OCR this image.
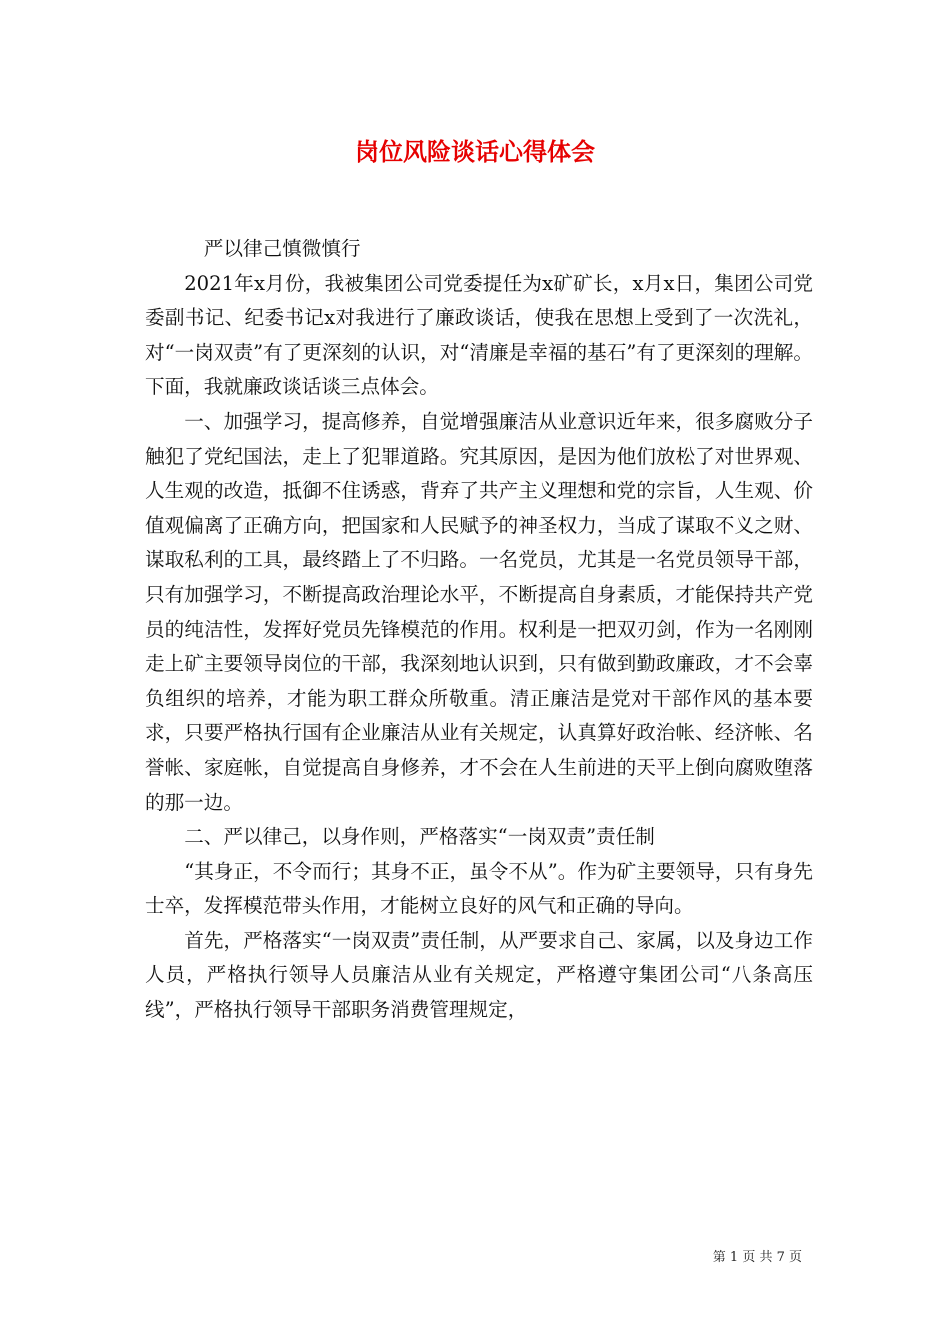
岗位风险谈话心得体会

严以律己慎微慎行

2021年x月份，我被集团公司党委提任为x矿矿长，x月x日，集团公司党委副书记、纪委书记x对我进行了廉政谈话，使我在思想上受到了一次洗礼，对“一岗双责”有了更深刻的认识，对“清廉是幸福的基石”有了更深刻的理解。下面，我就廉政谈话谈三点体会。

一、加强学习，提高修养，自觉增强廉洁从业意识近年来，很多腐败分子触犯了党纪国法，走上了犯罪道路。究其原因，是因为他们放松了对世界观、人生观的改造，抵御不住诱惑，背弃了共产主义理想和党的宗旨，人生观、价值观偏离了正确方向，把国家和人民赋予的神圣权力，当成了谋取不义之财、谋取私利的工具，最终踏上了不归路。一名党员，尤其是一名党员领导干部，只有加强学习，不断提高政治理论水平，不断提高自身素质，才能保持共产党员的纯洁性，发挥好党员先锋模范的作用。权利是一把双刃剑，作为一名刚刚走上矿主要领导岗位的干部，我深刻地认识到，只有做到勤政廉政，才不会辜负组织的培养，才能为职工群众所敬重。清正廉洁是党对干部作风的基本要求，只要严格执行国有企业廉洁从业有关规定，认真算好政治帐、经济帐、名誉帐、家庭帐，自觉提高自身修养，才不会在人生前进的天平上倒向腐败堕落的那一边。

二、严以律己，以身作则，严格落实“一岗双责”责任制

“其身正，不令而行；其身不正，虽令不从”。作为矿主要领导，只有身先士卒，发挥模范带头作用，才能树立良好的风气和正确的导向。

首先，严格落实“一岗双责”责任制，从严要求自己、家属，以及身边工作人员，严格执行领导人员廉洁从业有关规定，严格遵守集团公司“八条高压线”，严格执行领导干部职务消费管理规定，

第 1 页 共 7 页
